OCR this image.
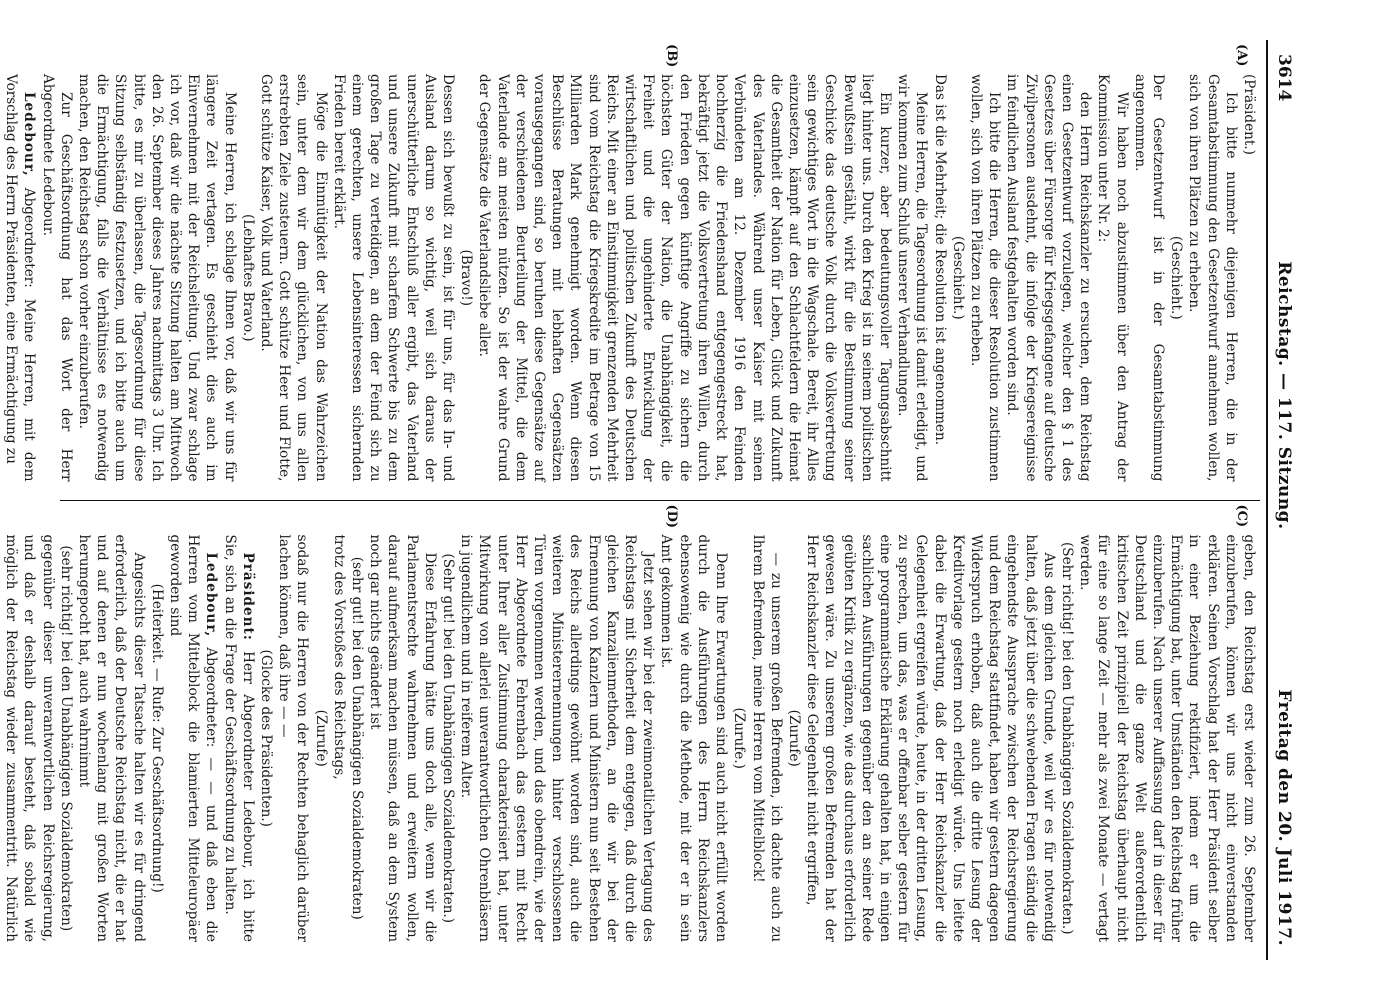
3614
Reichstag. — 117. Sitzung.
Freitag den 20. Juli 1917.
(A)
(B)

(Präsident.)

Ich bitte nunmehr diejenigen Herren, die in der Gesamtabstimmung den Gesetzentwurf annehmen wollen, sich von ihren Plätzen zu erheben.

(Geschieht.)

Der Gesetzentwurf ist in der Gesamtabstimmung angenommen.

Wir haben noch abzustimmen über den Antrag der Kommission unter Nr. 2:

den Herrn Reichskanzler zu ersuchen, dem Reichstag einen Gesetzentwurf vorzulegen, welcher den § 1 des Gesetzes über Fürsorge für Kriegsgefangene auf deutsche Zivilpersonen ausdehnt, die infolge der Kriegsereignisse im feindlichen Ausland festgehalten worden sind.

Ich bitte die Herren, die dieser Resolution zustimmen wollen, sich von ihren Plätzen zu erheben.

(Geschieht.)

Das ist die Mehrheit; die Resolution ist angenommen.

Meine Herren, die Tagesordnung ist damit erledigt, und wir kommen zum Schluß unserer Verhandlungen.

Ein kurzer, aber bedeutungsvoller Tagungsabschnitt liegt hinter uns. Durch den Krieg ist in seinem politischen Bewußtsein gestählt, wirkt für die Bestimmung seiner Geschicke das deutsche Volk durch die Volksvertretung sein gewichtiges Wort in die Wagschale. Bereit, ihr Alles einzusetzen, kämpft auf den Schlachtfeldern die Heimat die Gesamtheit der Nation für Leben, Glück und Zukunft des Vaterlandes. Während unser Kaiser mit seinen Verbündeten am 12. Dezember 1916 den Feinden hochherzig die Friedenshand entgegengestreckt hat, bekräftigt jetzt die Volksvertretung ihren Willen, durch den Frieden gegen künftige Angriffe zu sichern die höchsten Güter der Nation, die Unabhängigkeit, die Freiheit und die ungehinderte Entwicklung der wirtschaftlichen und politischen Zukunft des Deutschen Reichs. Mit einer an Einstimmigkeit grenzenden Mehrheit sind vom Reichstag die Kriegskredite im Betrage von 15 Milliarden Mark genehmigt worden. Wenn diesen Beschlüsse Beratungen mit lebhaften Gegensätzen vorausgegangen sind, so beruhen diese Gegensätze auf der verschiedenen Beurteilung der Mittel, die dem Vaterlande am meisten nützen. So ist der wahre Grund der Gegensätze die Vaterlandsliebe aller.

(Bravo!)

Dessen sich bewußt zu sein, ist für uns, für das In- und Ausland darum so wichtig, weil sich daraus der unerschütterliche Entschluß aller ergibt, das Vaterland und unsere Zukunft mit scharfem Schwerte bis zu dem großen Tage zu verteidigen, an dem der Feind sich zu einem gerechten, unsere Lebensinteressen sichernden Frieden bereit erklärt.

Möge die Einmütigkeit der Nation das Wahrzeichen sein, unter dem wir dem glücklichen, von uns allen erstrebten Ziele zusteuern. Gott schütze Heer und Flotte, Gott schütze Kaiser, Volk und Vaterland.

(Lebhaftes Bravo.)

Meine Herren, ich schlage Ihnen vor, daß wir uns für längere Zeit vertagen. Es geschieht dies auch im Einvernehmen mit der Reichsleitung. Und zwar schlage ich vor, daß wir die nächste Sitzung halten am Mittwoch den 26. September dieses Jahres nachmittags 3 Uhr. Ich bitte, es mir zu überlassen, die Tagesordnung für diese Sitzung selbständig festzusetzen, und ich bitte auch um die Ermächtigung, falls die Verhältnisse es notwendig machen, den Reichstag schon vorher einzuberufen.

Zur Geschäftsordnung hat das Wort der Herr Abgeordnete Ledebour.

Ledebour, Abgeordneter: Meine Herren, mit dem Vorschlag des Herrn Präsidenten, eine Ermächtigung zu

(C)
(D)

geben, den Reichstag erst wieder zum 26. September einzuberufen, können wir uns nicht einverstanden erklären. Seinen Vorschlag hat der Herr Präsident selber in einer Beziehung rektifiziert, indem er um die Ermächtigung bat, unter Umständen den Reichstag früher einzuberufen. Nach unserer Auffassung darf in dieser für Deutschland und die ganze Welt außerordentlich kritischen Zeit prinzipiell der Reichstag überhaupt nicht für eine so lange Zeit — mehr als zwei Monate — vertagt werden.

(Sehr richtig! bei den Unabhängigen Sozialdemokraten.)

Aus dem gleichen Grunde, weil wir es für notwendig halten, daß jetzt über die schwebenden Fragen ständig die eingehendste Aussprache zwischen der Reichsregierung und dem Reichstag stattfindet, haben wir gestern dagegen Widerspruch erhoben, daß auch die dritte Lesung der Kreditvorlage gestern noch erledigt würde. Uns leitete dabei die Erwartung, daß der Herr Reichskanzler die Gelegenheit ergreifen würde, heute, in der dritten Lesung, zu sprechen, um das, was er offenbar selber gestern für eine programmatische Erklärung gehalten hat, in einigen sachlichen Ausführungen gegenüber den an seiner Rede geübten Kritik zu ergänzen, wie das durchaus erforderlich gewesen wäre. Zu unserem großen Befremden hat der Herr Reichskanzler diese Gelegenheit nicht ergriffen,

(Zurufe)

— zu unserem großen Befremden, ich dachte auch zu Ihrem Befremden, meine Herren vom Mittelblock!

(Zurufe.)

Denn Ihre Erwartungen sind auch nicht erfüllt worden durch die Ausführungen des Herrn Reichskanzlers ebensowenig wie durch die Methode, mit der er in sein Amt gekommen ist.

Jetzt sehen wir bei der zweimonatlichen Vertagung des Reichstags mit Sicherheit dem entgegen, daß durch die gleichen Kanzalienmethoden, an die wir bei der Ernennung von Kanzlern und Ministern nun seit Bestehen des Reichs allerdings gewöhnt worden sind, auch die weiteren Ministerernennungen hinter verschlossenen Türen vorgenommen werden, und das obendrein, wie der Herr Abgeordnete Fehrenbach das gestern mit Recht unter Ihrer aller Zustimmung charakterisiert hat, unter Mitwirkung von allerlei unverantwortlichen Ohrenbläsern in jugendlichem und in reiferem Alter.

(Sehr gut! bei den Unabhängigen Sozialdemokraten.)

Diese Erfahrung hätte uns doch alle, wenn wir die Parlamentsrechte wahrnehmen und erweitern wollen, darauf aufmerksam machen müssen, daß an dem System noch gar nichts geändert ist

(sehr gut! bei den Unabhängigen Sozialdemokraten)

trotz des Vorstoßes des Reichstags,

(Zurufe)

sodaß nur die Herren von der Rechten behaglich darüber lachen können, daß ihre — —

(Glocke des Präsidenten.)

Präsident: Herr Abgeordneter Ledebour, ich bitte Sie, sich an die Frage der Geschäftsordnung zu halten.

Ledebour, Abgeordneter: — — und daß eben die Herren vom Mittelblock die blamierten Mitteleuropäer geworden sind

(Heiterkeit. — Rufe: Zur Geschäftsordnung!)

Angesichts dieser Tatsache halten wir es für dringend erforderlich, daß der Deutsche Reichstag nicht, die er hat und auf denen er nun wochenlang mit großen Worten herumgepocht hat, auch wahrnimmt

(sehr richtig! bei den Unabhängigen Sozialdemokraten)

gegenüber dieser unverantwortlichen Reichsregierung, und daß er deshalb darauf besteht, daß sobald wie möglich der Reichstag wieder zusammentritt. Natürlich
